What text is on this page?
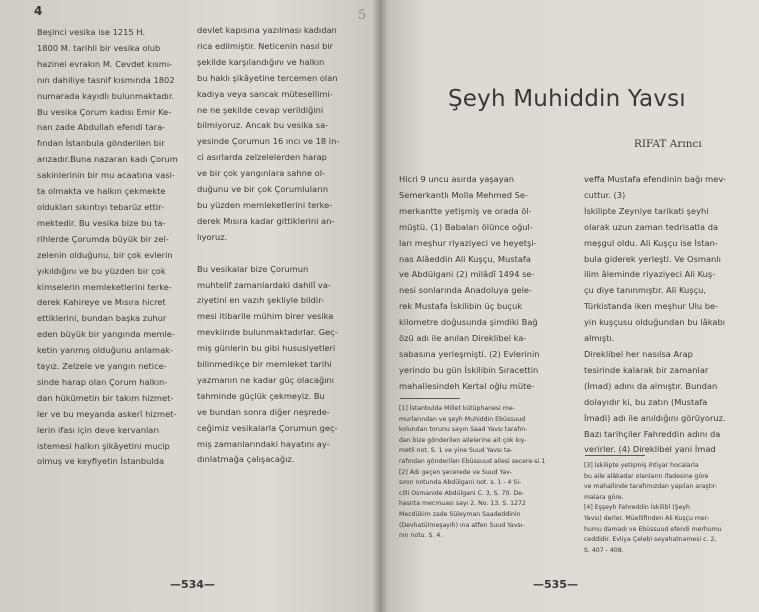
4
Beşinci vesika ise 1215 H.
1800 M. tarihli bir vesika olub
hazinei evrakın M. Cevdet kısmı-
nın dahiliye tasnif kısmında 1802
numarada kayıdlı bulunmaktadır.
Bu vesika Çorum kadısı Emir Ke-
nan zade Abdullah efendi tara-
fından İstanbula gönderilen bir
arızadır.Buna nazaran kadı Çorum
sakinlerinin bir mu acaatına vasi-
ta olmakta ve halkın çekmekte
oldukları sıkıntıyı tebarüz ettir-
mektedir. Bu vesika bize bu ta-
rihlerde Çorumda büyük bir zel-
zelenin olduğunu, bir çok evlerin
yıkıldığını ve bu yüzden bir çok
kimselerin memleketlerini terke-
derek Kahireye ve Mısıra hicret
ettiklerini, bundan başka zuhur
eden büyük bir yangında memle-
ketin yanmış olduğunu anlamak-
tayız. Zelzele ve yangın netice-
sinde harap olan Çorum halkın-
dan hükümetin bir takım hizmet-
ler ve bu meyanda askerî hizmet-
lerin ifası için deve kervanları
istemesi halkın şikâyetini mucip
olmuş ve keyfiyetin İstanbulda
devlet kapısına yazılması kadıdan
rica edilmiştir. Neticenin nasıl bir
şekilde karşılandığını ve halkın
bu haklı şikâyetine tercemen olan
kadıya veya sancak mütesellimi-
ne ne şekilde cevap verildiğini
bilmiyoruz. Ancak bu vesika sa-
yesinde Çorumun 16 ıncı ve 18 in-
ci asırlarda zelzelelerden harap
ve bir çok yangınlara sahne ol-
duğunu ve bir çok Çorumluların
bu yüzden memleketlerini terke-
derek Mısıra kadar gittiklerini an-
lıyoruz.

Bu vesikalar bize Çorumun
muhtelif zamanlardaki dahilî va-
ziyetini en vazıh şekliyle bildir-
mesi itibarile mühim birer vesika
mevkiinde bulunmaktadırlar. Geç-
miş günlerin bu gibi hususiyetleri
bilinmedikçe bir memleket tarihi
yazmanın ne kadar güç olacağını
tahminde güçlük çekmeyiz. Bu
ve bundan sonra diğer neşrede-
ceğimiz vesikalarla Çorumun geç-
miş zamanlarındaki hayatını ay-
dınlatmağa çalışacağız.
—534—
Şeyh Muhiddin Yavsı
RIFAT Arıncı
Hicri 9 uncu asırda yaşayan
Semerkantlı Molla Mehmed Se-
merkantte yetişmiş ve orada öl-
müştü. (1) Babaları ölünce oğul-
ları meşhur riyaziyeci ve heyetşi-
nas Alâeddin Ali Kuşçu, Mustafa
ve Abdülgani (2) milâdî 1494 se-
nesi sonlarında Anadoluya gele-
rek Mustafa İskilibin üç buçuk
kilometre doğusunda şimdiki Bağ
özü adı ile anılan Direklibel ka-
sabasına yerleşmişti. (2) Evlerinin
yerindo bu gün İskilibin Sıracettin
mahallesindeh Kertal oğlu müte-
[1] İstanbulda Millet kütüphanesi me-
murlarından ve şeyh Muhiddin Ebüssuud
kolundan torunu sayın Saad Yavsı tarafın-
dan bize gönderilen ailelerine ait çok kıy-
metli not. S. 1 ve yine Suud Yavsı ta-
rafından gönderilen Ebüssuud ailesi secere-si.1
[2] Adı geçen şecerede ve Suud Yav-
sının notunda Abdülgani not. s. 1 - 4 Si-
cilli Osmanide Abdülgani C. 3, S. 70. De-
hasnta mecmuası sayı 2. No. 13. S. 1272
Mecdükim zade Süleyman Saadeddinin
(Devhatülmeşayih) ına atfen Suud Yavsı-
nın notu. S. 4.
veffa Mustafa efendinin bağı mev-
cuttur. (3)
İskilipte Zeyniye tarikati şeyhi
olarak uzun zaman tedrisatla da
meşgul oldu. Ali Kuşçu ise İstan-
bula giderek yerleşti. Ve Osmanlı
ilim âleminde riyaziyeci Ali Kuş-
çu diye tanınmıştır. Ali Kuşçu,
Türkistanda iken meşhur Ulu be-
yin kuşçusu olduğundan bu lâkabı
almıştı.
Direklibel her nasılsa Arap
tesirinde kalarak bir zamanlar
(İmad) adını da almıştır. Bundan
dolayıdır ki, bu zatın (Mustafa
İmadi) adı ile anıldığını görüyoruz.
Bazı tarihçiler Fahreddin adını da
verirler. (4) Direklibel yani İmad
[3] İskilipte yetişmiş ihtiyar hocalarla
bu aile alâkadar olanların ifadesine göre
ve mahallinde tarafımızdan yapılan araştır-
malara göre.
[4] Eşşeyh Fahreddin İskilibî (Şeyh
Yavsı) derler. Müellifinden Ali Kuşçu mer-
humu damadı ve Ebüssuud efendi merhumu
ceddidir. Evliya Çelebi seyahatnamesi c. 2,
S. 407 - 408.
—535—
5
